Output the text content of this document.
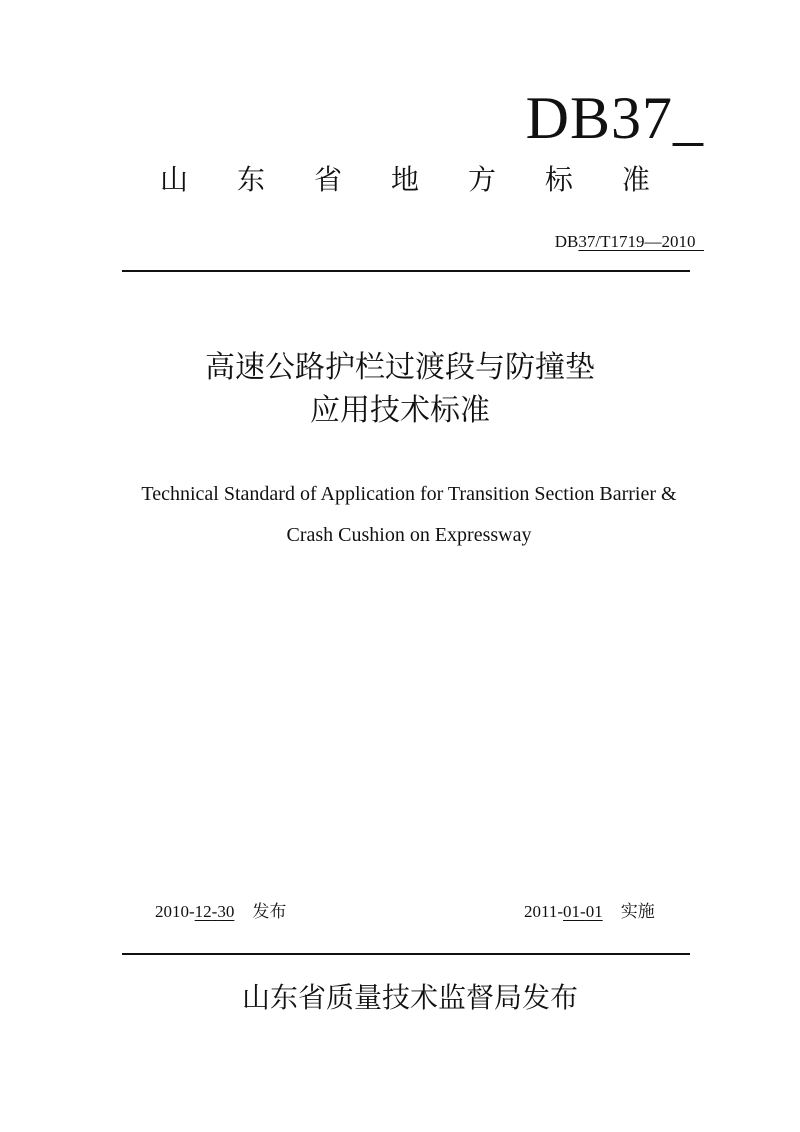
DB37_
山 东 省 地 方 标 准
DB37/T1719—2010
高速公路护栏过渡段与防撞垫
应用技术标准
Technical Standard of Application for Transition Section Barrier &
Crash Cushion on Expressway
2010-12-30 发布	2011-01-01 实施
山东省质量技术监督局发布
